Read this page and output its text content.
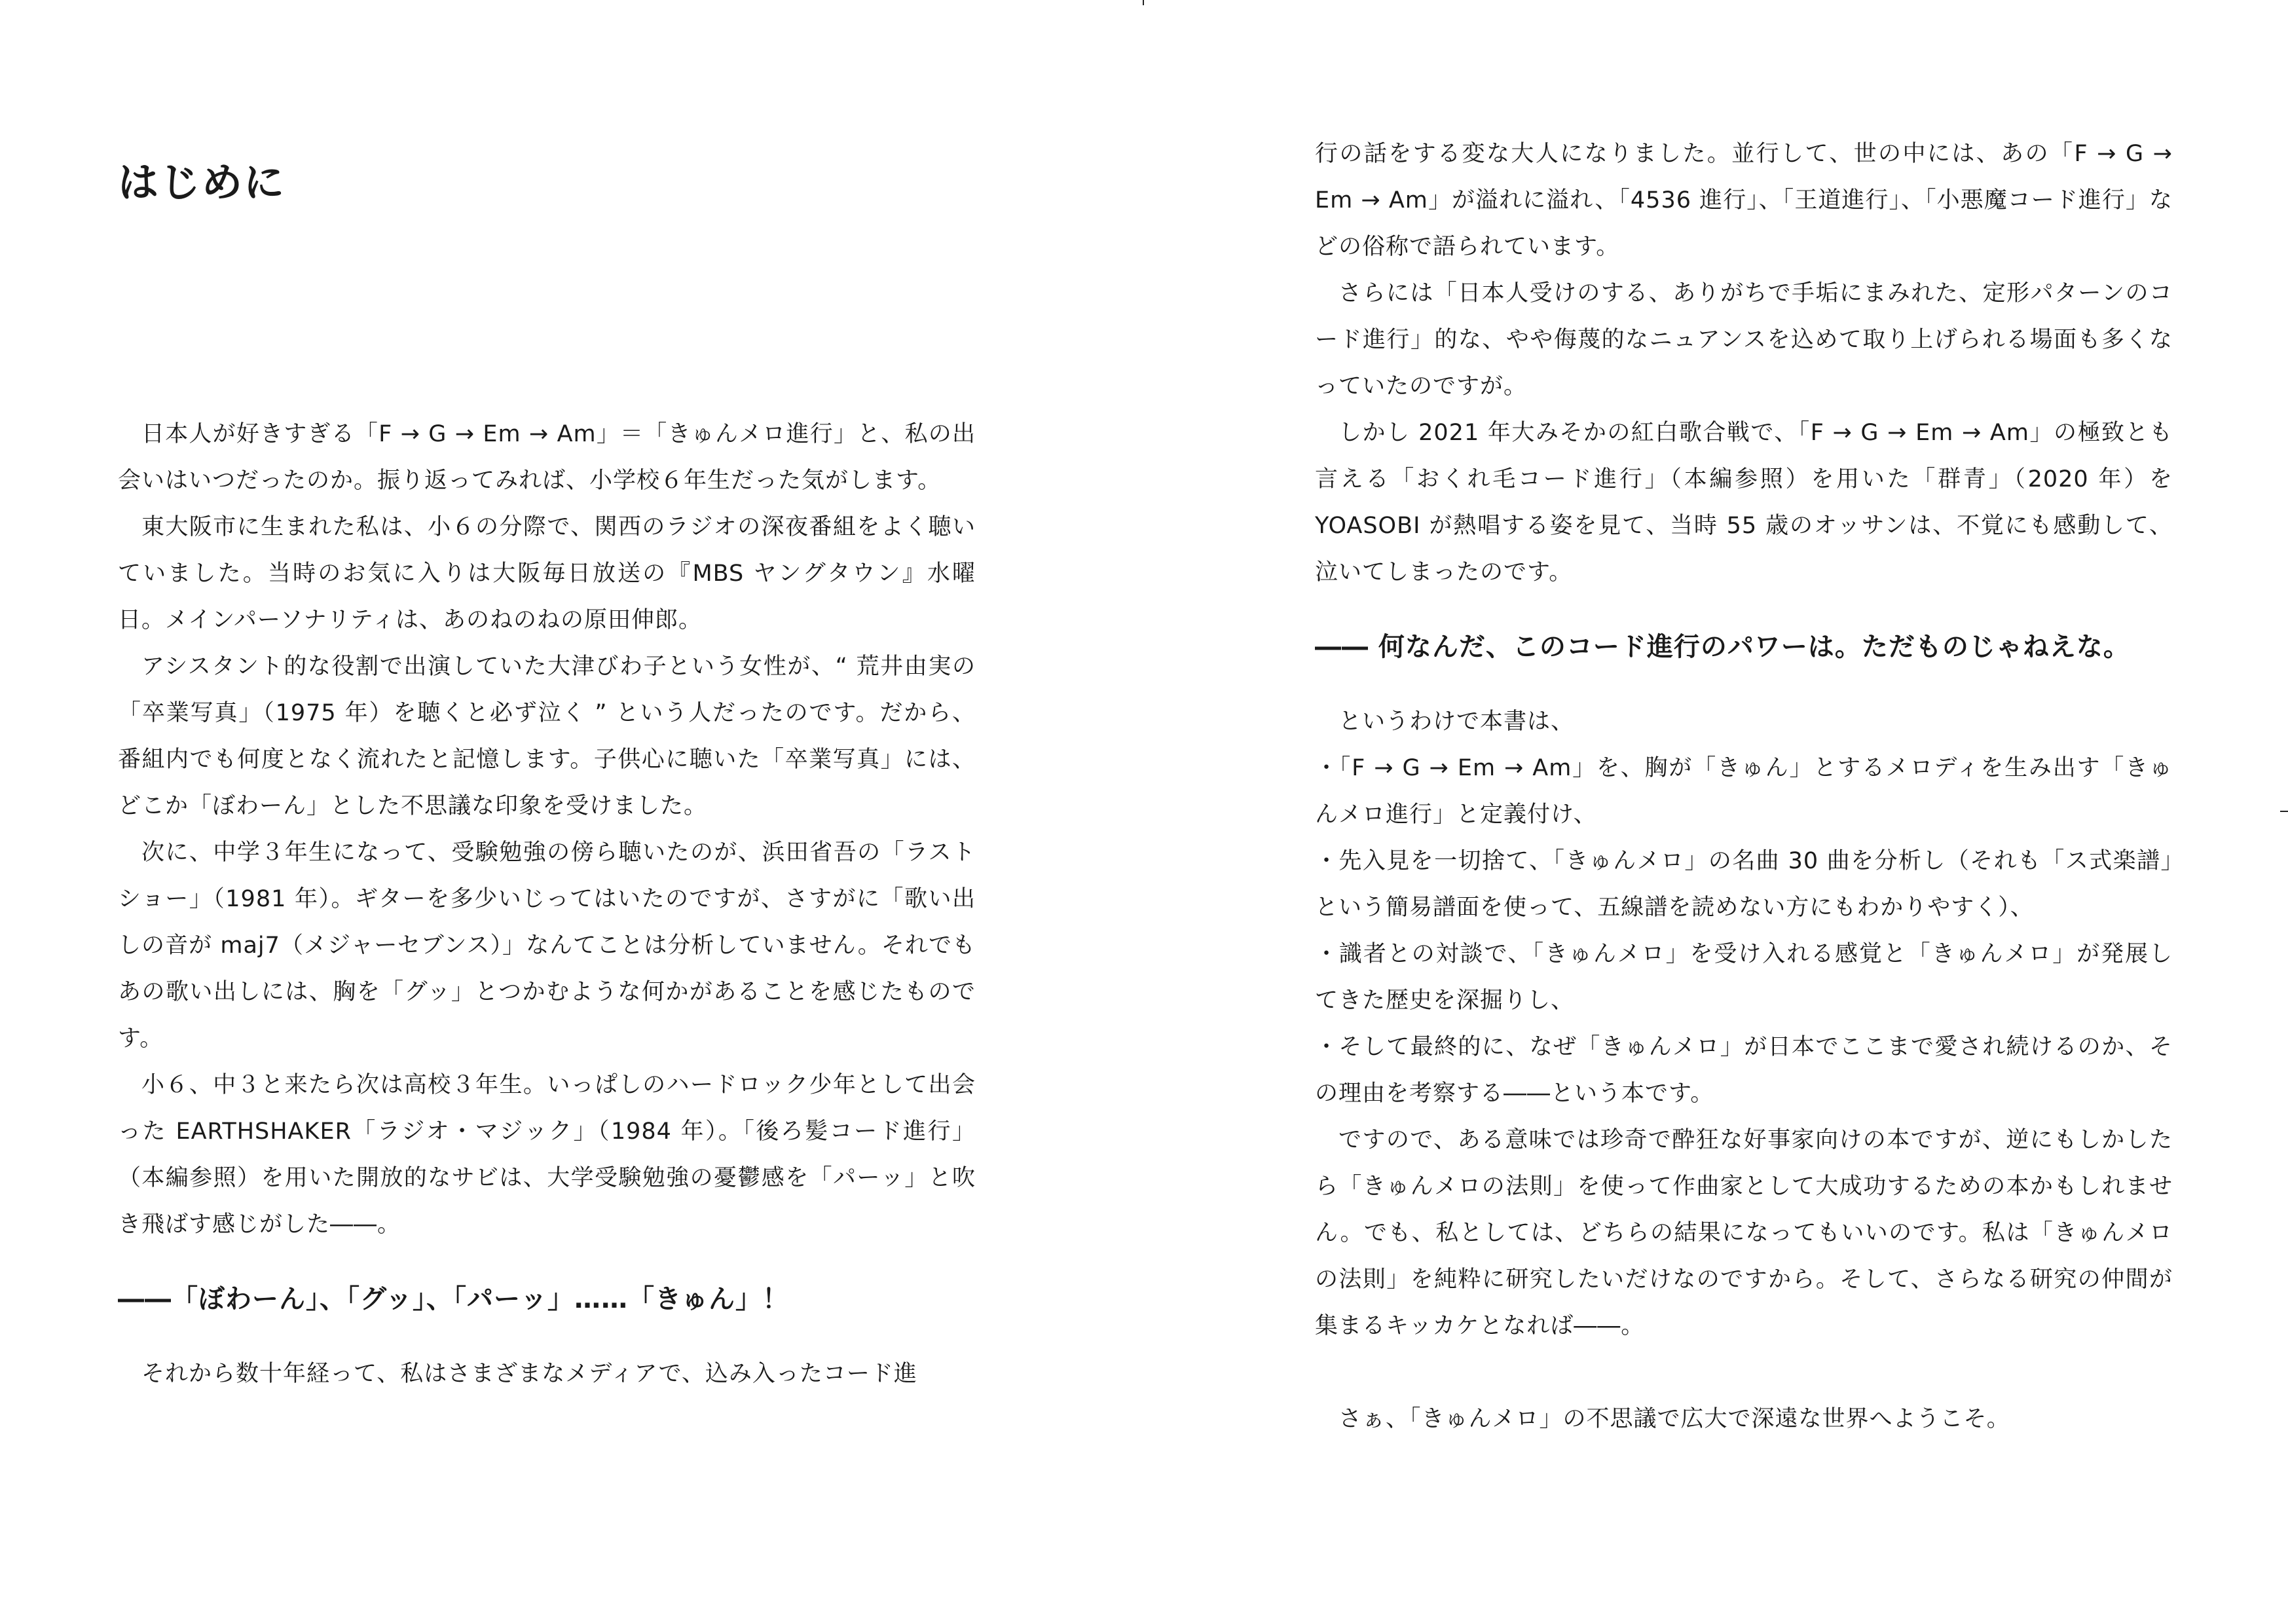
はじめに

日本人が好きすぎる「F → G → Em → Am」＝「きゅんメロ進行」と、私の出会いはいつだったのか。振り返ってみれば、小学校６年生だった気がします。

東大阪市に生まれた私は、小６の分際で、関西のラジオの深夜番組をよく聴いていました。当時のお気に入りは大阪毎日放送の『MBS ヤングタウン』水曜日。メインパーソナリティは、あのねのねの原田伸郎。

アシスタント的な役割で出演していた大津びわ子という女性が、“ 荒井由実の「卒業写真」（1975 年）を聴くと必ず泣く ” という人だったのです。だから、番組内でも何度となく流れたと記憶します。子供心に聴いた「卒業写真」には、どこか「ぼわーん」とした不思議な印象を受けました。

次に、中学３年生になって、受験勉強の傍ら聴いたのが、浜田省吾の「ラストショー」（1981 年）。ギターを多少いじってはいたのですが、さすがに「歌い出しの音が maj7（メジャーセブンス）」なんてことは分析していません。それでもあの歌い出しには、胸を「グッ」とつかむような何かがあることを感じたものです。

小６、中３と来たら次は高校３年生。いっぱしのハードロック少年として出会った EARTHSHAKER「ラジオ・マジック」（1984 年）。「後ろ髪コード進行」（本編参照）を用いた開放的なサビは、大学受験勉強の憂鬱感を「パーッ」と吹き飛ばす感じがした――。

――「ぼわーん」、「グッ」、「パーッ」……「きゅん」！

それから数十年経って、私はさまざまなメディアで、込み入ったコード進

行の話をする変な大人になりました。並行して、世の中には、あの「F → G → Em → Am」が溢れに溢れ、「4536 進行」、「王道進行」、「小悪魔コード進行」などの俗称で語られています。

さらには「日本人受けのする、ありがちで手垢にまみれた、定形パターンのコード進行」的な、やや侮蔑的なニュアンスを込めて取り上げられる場面も多くなっていたのですが。

しかし 2021 年大みそかの紅白歌合戦で、「F → G → Em → Am」の極致とも言える「おくれ毛コード進行」（本編参照）を用いた「群青」（2020 年）を YOASOBI が熱唱する姿を見て、当時 55 歳のオッサンは、不覚にも感動して、泣いてしまったのです。

―― 何なんだ、このコード進行のパワーは。ただものじゃねえな。

というわけで本書は、

・「F → G → Em → Am」を、胸が「きゅん」とするメロディを生み出す「きゅんメロ進行」と定義付け、

・先入見を一切捨て、「きゅんメロ」の名曲 30 曲を分析し（それも「ス式楽譜」という簡易譜面を使って、五線譜を読めない方にもわかりやすく）、

・識者との対談で、「きゅんメロ」を受け入れる感覚と「きゅんメロ」が発展してきた歴史を深掘りし、

・そして最終的に、なぜ「きゅんメロ」が日本でここまで愛され続けるのか、その理由を考察する――という本です。

ですので、ある意味では珍奇で酔狂な好事家向けの本ですが、逆にもしかしたら「きゅんメロの法則」を使って作曲家として大成功するための本かもしれません。でも、私としては、どちらの結果になってもいいのです。私は「きゅんメロの法則」を純粋に研究したいだけなのですから。そして、さらなる研究の仲間が集まるキッカケとなれば――。

さぁ、「きゅんメロ」の不思議で広大で深遠な世界へようこそ。
